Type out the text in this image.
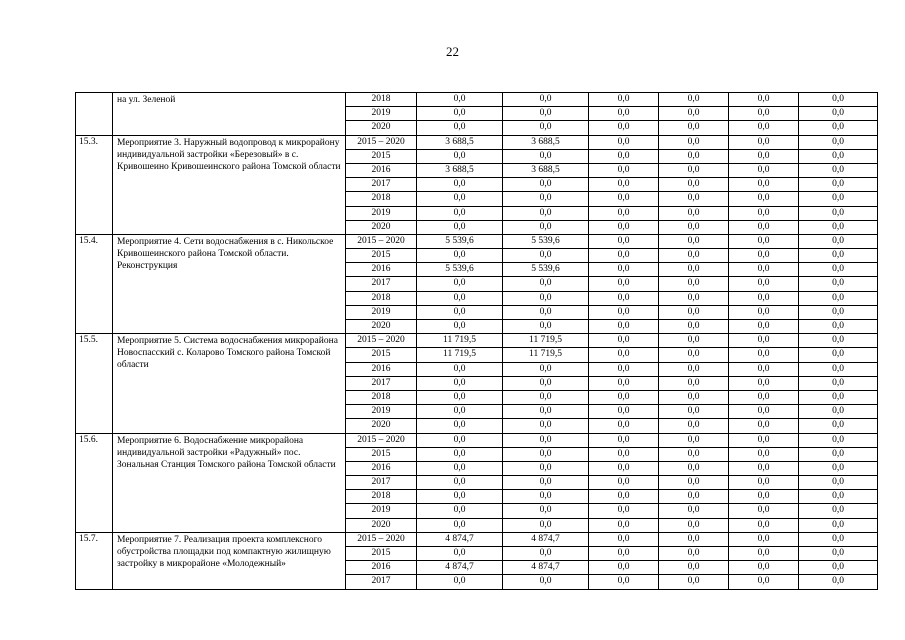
22
	на ул. Зеленой	2018	0,0	0,0	0,0	0,0	0,0	0,0
		2019	0,0	0,0	0,0	0,0	0,0	0,0
		2020	0,0	0,0	0,0	0,0	0,0	0,0
15.3.	Мероприятие 3. Наружный водопровод к микрорайону индивидуальной застройки «Березовый» в с. Кривошеино Кривошеинского района Томской области	2015 – 2020	3 688,5	3 688,5	0,0	0,0	0,0	0,0
		2015	0,0	0,0	0,0	0,0	0,0	0,0
		2016	3 688,5	3 688,5	0,0	0,0	0,0	0,0
		2017	0,0	0,0	0,0	0,0	0,0	0,0
		2018	0,0	0,0	0,0	0,0	0,0	0,0
		2019	0,0	0,0	0,0	0,0	0,0	0,0
		2020	0,0	0,0	0,0	0,0	0,0	0,0
15.4.	Мероприятие 4. Сети водоснабжения в с. Никольское Кривошеинского района Томской области. Реконструкция	2015 – 2020	5 539,6	5 539,6	0,0	0,0	0,0	0,0
		2015	0,0	0,0	0,0	0,0	0,0	0,0
		2016	5 539,6	5 539,6	0,0	0,0	0,0	0,0
		2017	0,0	0,0	0,0	0,0	0,0	0,0
		2018	0,0	0,0	0,0	0,0	0,0	0,0
		2019	0,0	0,0	0,0	0,0	0,0	0,0
		2020	0,0	0,0	0,0	0,0	0,0	0,0
15.5.	Мероприятие 5. Система водоснабжения микрорайона Новоспасский с. Коларово Томского района Томской области	2015 – 2020	11 719,5	11 719,5	0,0	0,0	0,0	0,0
		2015	11 719,5	11 719,5	0,0	0,0	0,0	0,0
		2016	0,0	0,0	0,0	0,0	0,0	0,0
		2017	0,0	0,0	0,0	0,0	0,0	0,0
		2018	0,0	0,0	0,0	0,0	0,0	0,0
		2019	0,0	0,0	0,0	0,0	0,0	0,0
		2020	0,0	0,0	0,0	0,0	0,0	0,0
15.6.	Мероприятие 6. Водоснабжение микрорайона индивидуальной застройки «Радужный» пос. Зональная Станция Томского района Томской области	2015 – 2020	0,0	0,0	0,0	0,0	0,0	0,0
		2015	0,0	0,0	0,0	0,0	0,0	0,0
		2016	0,0	0,0	0,0	0,0	0,0	0,0
		2017	0,0	0,0	0,0	0,0	0,0	0,0
		2018	0,0	0,0	0,0	0,0	0,0	0,0
		2019	0,0	0,0	0,0	0,0	0,0	0,0
		2020	0,0	0,0	0,0	0,0	0,0	0,0
15.7.	Мероприятие 7. Реализация проекта комплексного обустройства площадки под компактную жилищную застройку в микрорайоне «Молодежный»	2015 – 2020	4 874,7	4 874,7	0,0	0,0	0,0	0,0
		2015	0,0	0,0	0,0	0,0	0,0	0,0
		2016	4 874,7	4 874,7	0,0	0,0	0,0	0,0
		2017	0,0	0,0	0,0	0,0	0,0	0,0
